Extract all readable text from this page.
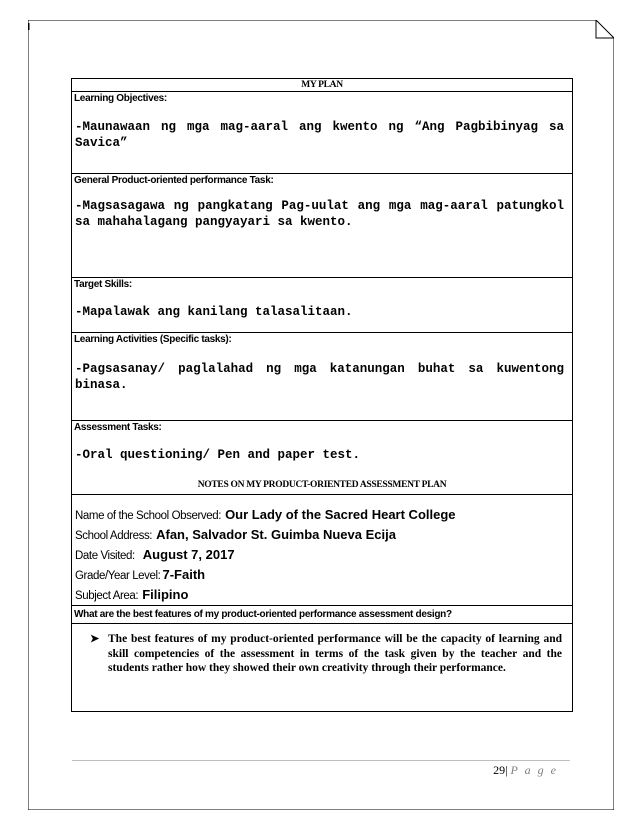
MY PLAN
Learning Objectives:
-Maunawaan ng mga mag-aaral ang kwento ng “Ang Pagbibinyag sa Savica”
General Product-oriented performance Task:
-Magsasagawa ng pangkatang Pag-uulat ang mga mag-aaral patungkol sa mahahalagang pangyayari sa kwento.
Target Skills:
-Mapalawak ang kanilang talasalitaan.
Learning Activities (Specific tasks):
-Pagsasanay/ paglalahad ng mga katanungan buhat sa kuwentong binasa.
Assessment Tasks:
-Oral questioning/ Pen and paper test.
NOTES ON MY PRODUCT-ORIENTED ASSESSMENT PLAN
Name of the School Observed: Our Lady of the Sacred Heart College
School Address: Afan, Salvador St. Guimba Nueva Ecija
Date Visited: August 7, 2017
Grade/Year Level: 7-Faith
Subject Area: Filipino
What are the best features of my product-oriented performance assessment design?
➤ The best features of my product-oriented performance will be the capacity of learning and skill competencies of the assessment in terms of the task given by the teacher and the students rather how they showed their own creativity through their performance.
29| P a g e
